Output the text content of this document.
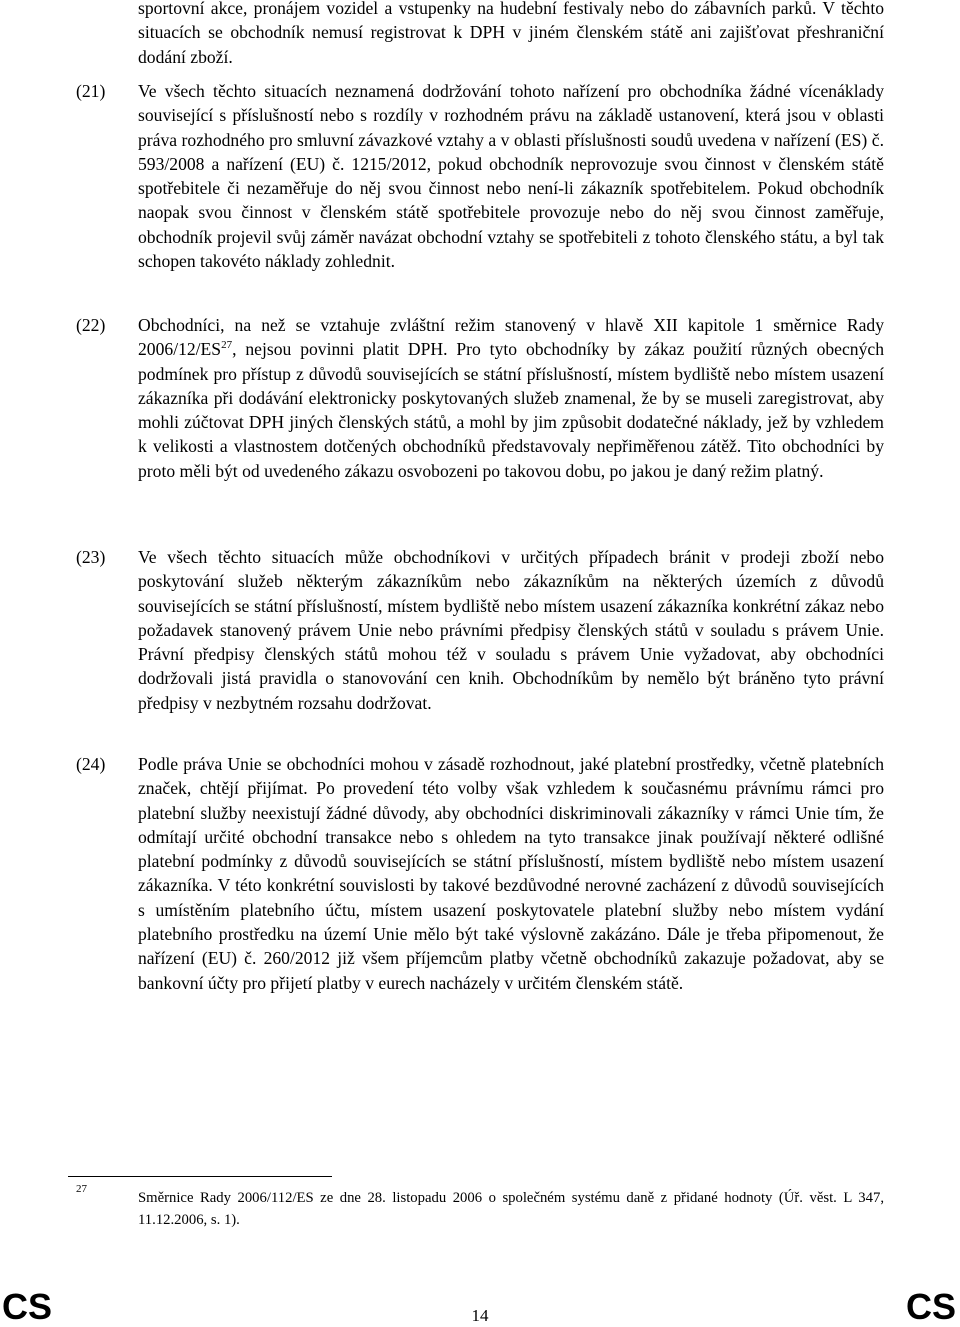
sportovní akce, pronájem vozidel a vstupenky na hudební festivaly nebo do zábavních parků. V těchto situacích se obchodník nemusí registrovat k DPH v jiném členském státě ani zajišťovat přeshraniční dodání zboží.
(21)	Ve všech těchto situacích neznamená dodržování tohoto nařízení pro obchodníka žádné vícenáklady související s příslušností nebo s rozdíly v rozhodném právu na základě ustanovení, která jsou v oblasti práva rozhodného pro smluvní závazkové vztahy a v oblasti příslušnosti soudů uvedena v nařízení (ES) č. 593/2008 a nařízení (EU) č. 1215/2012, pokud obchodník neprovozuje svou činnost v členském státě spotřebitele či nezaměřuje do něj svou činnost nebo není-li zákazník spotřebitelem. Pokud obchodník naopak svou činnost v členském státě spotřebitele provozuje nebo do něj svou činnost zaměřuje, obchodník projevil svůj záměr navázat obchodní vztahy se spotřebiteli z tohoto členského státu, a byl tak schopen takovéto náklady zohlednit.
(22)	Obchodníci, na než se vztahuje zvláštní režim stanovený v hlavě XII kapitole 1 směrnice Rady 2006/12/ES$^{27}$, nejsou povinni platit DPH. Pro tyto obchodníky by zákaz použití různých obecných podmínek pro přístup z důvodů souvisejících se státní příslušností, místem bydliště nebo místem usazení zákazníka při dodávání elektronicky poskytovaných služeb znamenal, že by se museli zaregistrovat, aby mohli zúčtovat DPH jiných členských států, a mohl by jim způsobit dodatečné náklady, jež by vzhledem k velikosti a vlastnostem dotčených obchodníků představovaly nepřiměřenou zátěž. Tito obchodníci by proto měli být od uvedeného zákazu osvobozeni po takovou dobu, po jakou je daný režim platný.
(23)	Ve všech těchto situacích může obchodníkovi v určitých případech bránit v prodeji zboží nebo poskytování služeb některým zákazníkům nebo zákazníkům na některých územích z důvodů souvisejících se státní příslušností, místem bydliště nebo místem usazení zákazníka konkrétní zákaz nebo požadavek stanovený právem Unie nebo právními předpisy členských států v souladu s právem Unie. Právní předpisy členských států mohou též v souladu s právem Unie vyžadovat, aby obchodníci dodržovali jistá pravidla o stanovování cen knih. Obchodníkům by nemělo být bráněno tyto právní předpisy v nezbytném rozsahu dodržovat.
(24)	Podle práva Unie se obchodníci mohou v zásadě rozhodnout, jaké platební prostředky, včetně platebních značek, chtějí přijímat. Po provedení této volby však vzhledem k současnému právnímu rámci pro platební služby neexistují žádné důvody, aby obchodníci diskriminovali zákazníky v rámci Unie tím, že odmítají určité obchodní transakce nebo s ohledem na tyto transakce jinak používají některé odlišné platební podmínky z důvodů souvisejících se státní příslušností, místem bydliště nebo místem usazení zákazníka. V této konkrétní souvislosti by takové bezdůvodné nerovné zacházení z důvodů souvisejících s umístěním platebního účtu, místem usazení poskytovatele platební služby nebo místem vydání platebního prostředku na území Unie mělo být také výslovně zakázáno. Dále je třeba připomenout, že nařízení (EU) č. 260/2012 již všem příjemcům platby včetně obchodníků zakazuje požadovat, aby se bankovní účty pro přijetí platby v eurech nacházely v určitém členském státě.
27
Směrnice Rady 2006/112/ES ze dne 28. listopadu 2006 o společném systému daně z přidané hodnoty (Úř. věst. L 347, 11.12.2006, s. 1).
CS	14	CS
